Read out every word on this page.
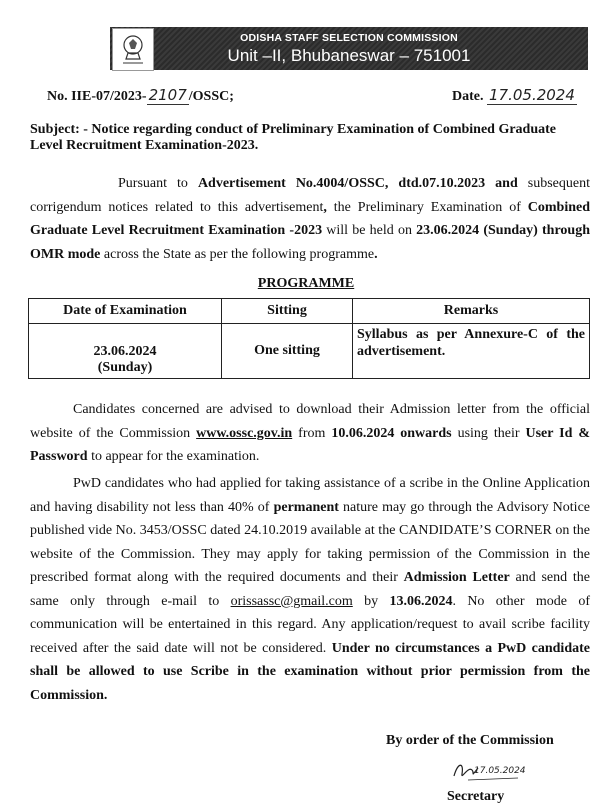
ODISHA STAFF SELECTION COMMISSION
Unit –II, Bhubaneswar – 751001
No. IIE-07/2023- 2107 /OSSC;	Date. 17.05.2024
Subject: - Notice regarding conduct of Preliminary Examination of Combined Graduate Level Recruitment Examination-2023.
Pursuant to Advertisement No.4004/OSSC, dtd.07.10.2023 and subsequent corrigendum notices related to this advertisement, the Preliminary Examination of Combined Graduate Level Recruitment Examination -2023 will be held on 23.06.2024 (Sunday) through OMR mode across the State as per the following programme.
PROGRAMME
Date of Examination	Sitting	Remarks

23.06.2024
(Sunday)	One sitting	Syllabus as per Annexure-C of the advertisement.
Candidates concerned are advised to download their Admission letter from the official website of the Commission www.ossc.gov.in from 10.06.2024 onwards using their User Id & Password to appear for the examination.
PwD candidates who had applied for taking assistance of a scribe in the Online Application and having disability not less than 40% of permanent nature may go through the Advisory Notice published vide No. 3453/OSSC dated 24.10.2019 available at the CANDIDATE’S CORNER on the website of the Commission. They may apply for taking permission of the Commission in the prescribed format along with the required documents and their Admission Letter and send the same only through e-mail to orissassc@gmail.com by 13.06.2024. No other mode of communication will be entertained in this regard. Any application/request to avail scribe facility received after the said date will not be considered. Under no circumstances a PwD candidate shall be allowed to use Scribe in the examination without prior permission from the Commission.
By order of the Commission
17.05.2024
Secretary
